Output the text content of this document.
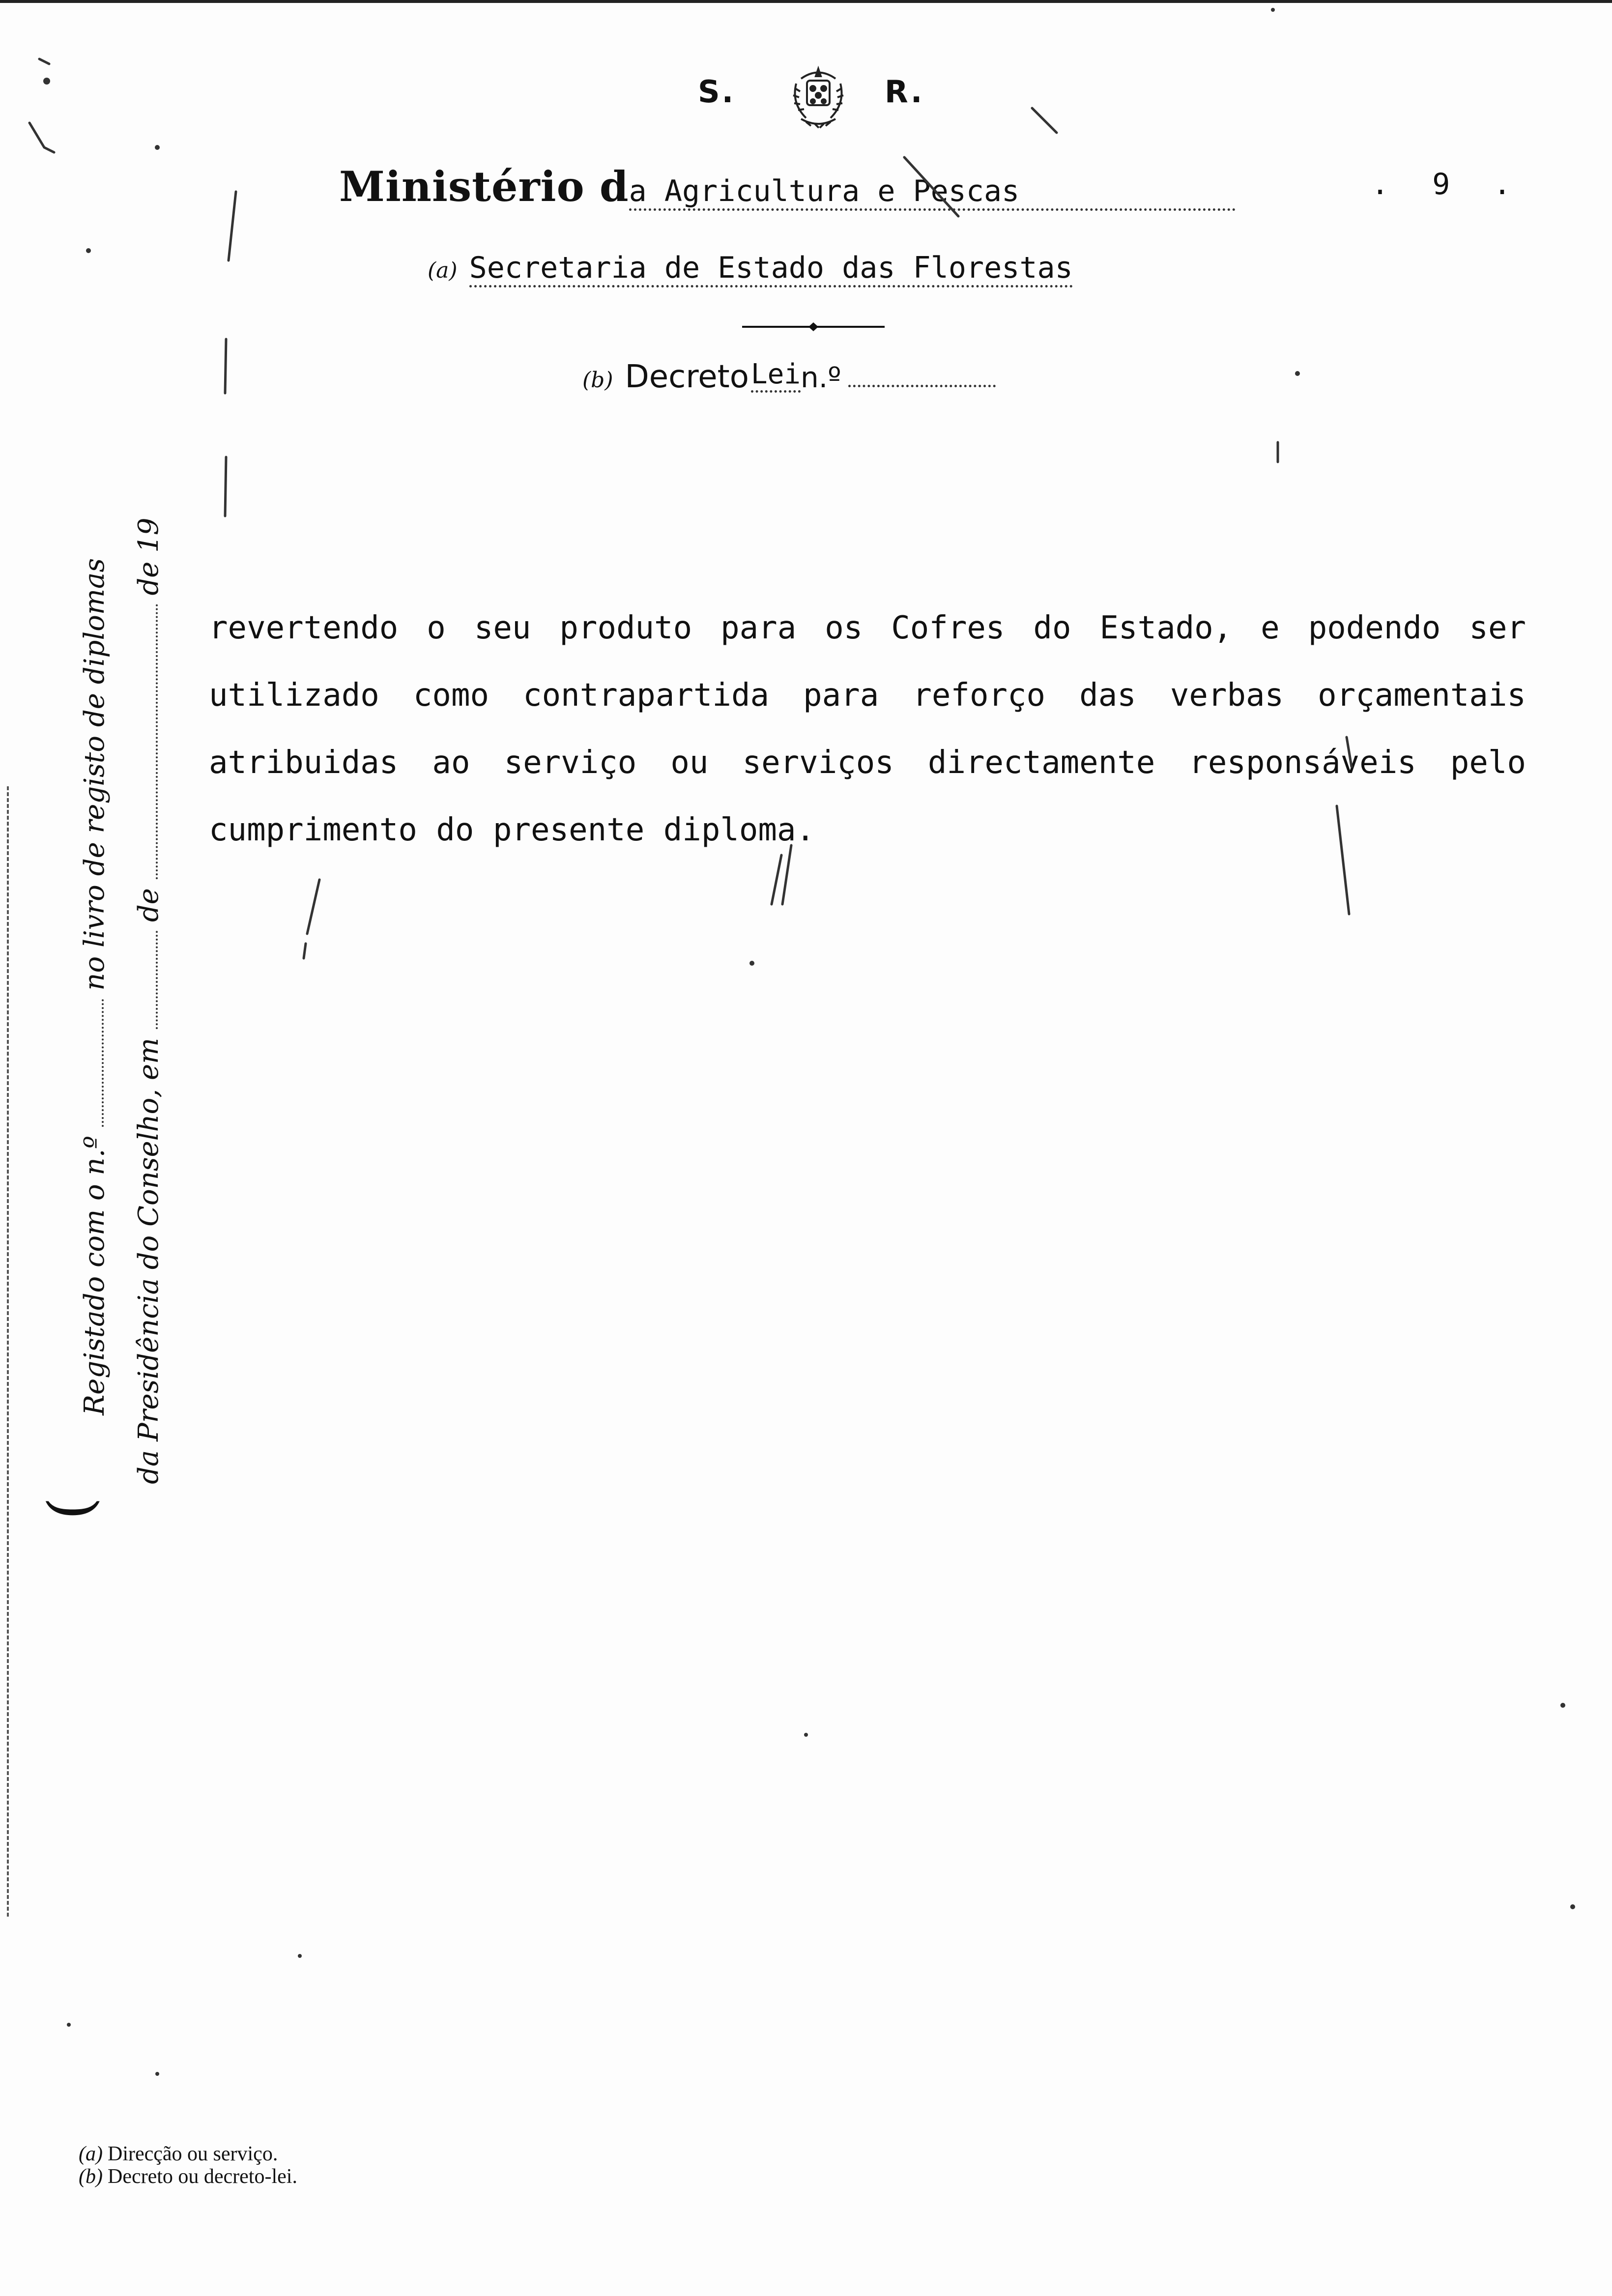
S.	R.
Ministério da Agricultura e Pescas	. 9 .
(a) Secretaria de Estado das Florestas
(b) Decreto Lein.º
Registado com o n.º  no livro de registo de diplomas
da Presidência do Conselho, em  de  de 19
revertendo o seu produto para os Cofres do Estado, e podendo ser
utilizado como contrapartida para reforço das verbas orçamentais
atribuidas ao serviço ou serviços directamente responsáveis pelo
cumprimento do presente diploma.
(
(a) Direcção ou serviço.
(b) Decreto ou decreto-lei.
